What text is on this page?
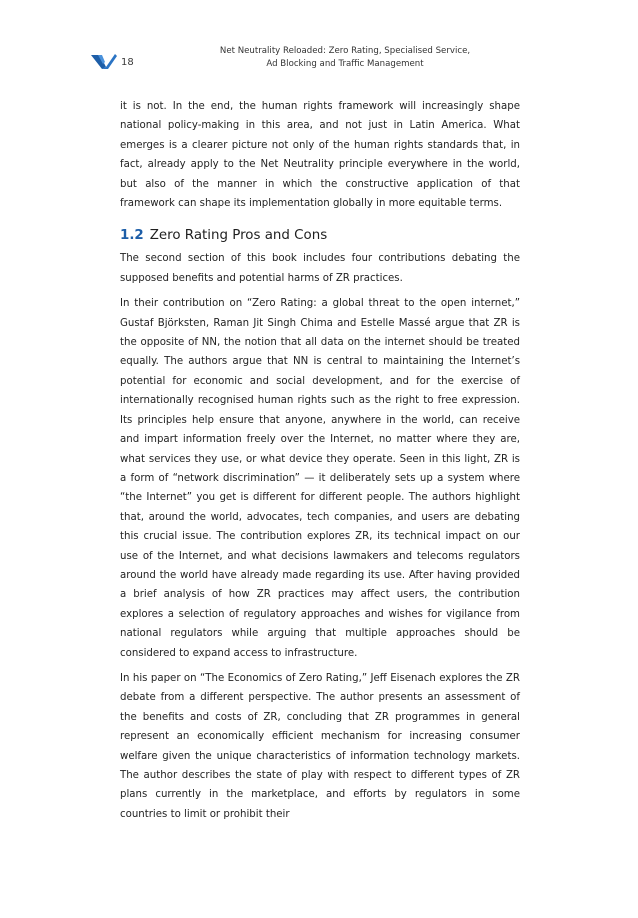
18

Net Neutrality Reloaded: Zero Rating, Specialised Service,
Ad Blocking and Traffic Management

it is not. In the end, the human rights framework will increasingly shape national policy-making in this area, and not just in Latin America. What emerges is a clearer picture not only of the human rights standards that, in fact, already apply to the Net Neutrality principle everywhere in the world, but also of the manner in which the constructive application of that framework can shape its implementation globally in more equitable terms.

1.2 Zero Rating Pros and Cons

The second section of this book includes four contributions debating the supposed benefits and potential harms of ZR practices.

In their contribution on “Zero Rating: a global threat to the open internet,” Gustaf Björksten, Raman Jit Singh Chima and Estelle Massé argue that ZR is the opposite of NN, the notion that all data on the internet should be treated equally. The authors argue that NN is central to maintaining the Internet’s potential for economic and social development, and for the exercise of internationally recognised human rights such as the right to free expression. Its principles help ensure that anyone, anywhere in the world, can receive and impart information freely over the Internet, no matter where they are, what services they use, or what device they operate. Seen in this light, ZR is a form of “network discrimination” — it deliberately sets up a system where “the Internet” you get is different for different people. The authors highlight that, around the world, advocates, tech companies, and users are debating this crucial issue. The contribution explores ZR, its technical impact on our use of the Internet, and what decisions lawmakers and telecoms regulators around the world have already made regarding its use. After having provided a brief analysis of how ZR practices may affect users, the contribution explores a selection of regulatory approaches and wishes for vigilance from national regulators while arguing that multiple approaches should be considered to expand access to infrastructure.

In his paper on “The Economics of Zero Rating,” Jeff Eisenach explores the ZR debate from a different perspective. The author presents an assessment of the benefits and costs of ZR, concluding that ZR programmes in general represent an economically efficient mechanism for increasing consumer welfare given the unique characteristics of information technology markets. The author describes the state of play with respect to different types of ZR plans currently in the marketplace, and efforts by regulators in some countries to limit or prohibit their
